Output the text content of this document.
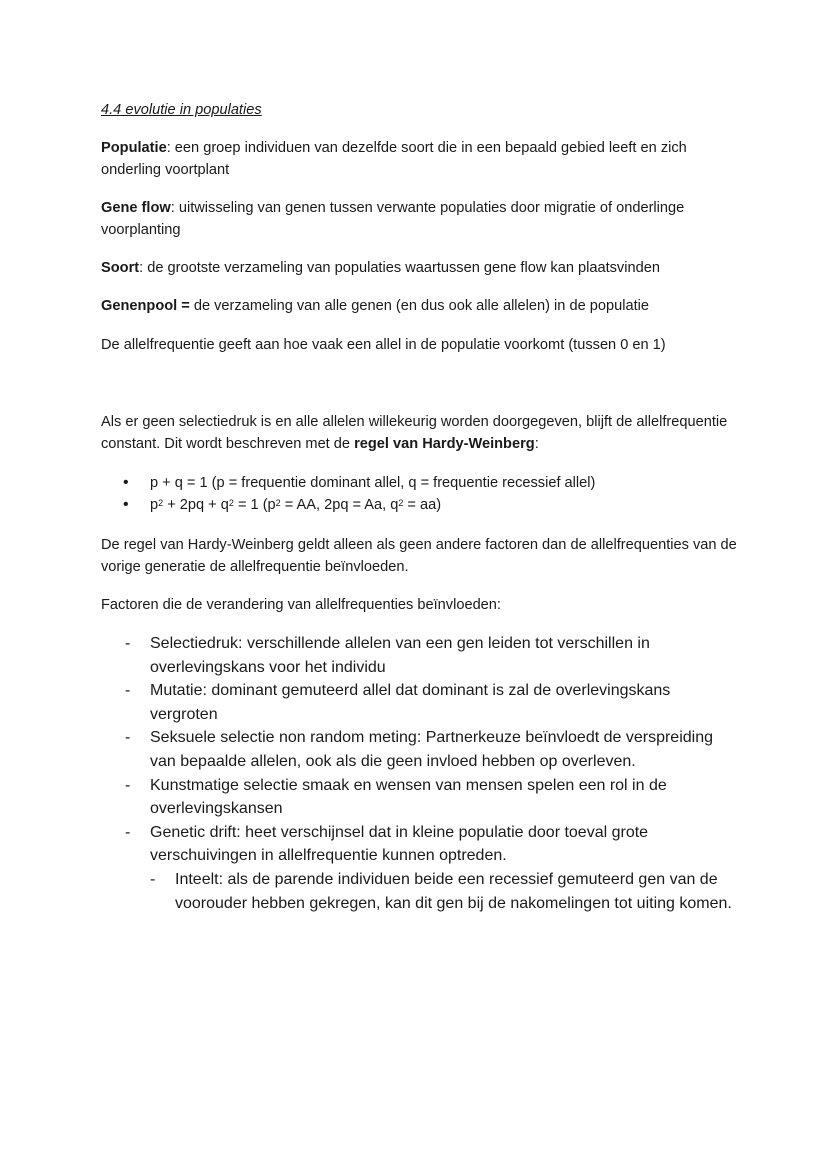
4.4 evolutie in populaties
Populatie: een groep individuen van dezelfde soort die in een bepaald gebied leeft en zich onderling voortplant
Gene flow: uitwisseling van genen tussen verwante populaties door migratie of onderlinge voorplanting
Soort: de grootste verzameling van populaties waartussen gene flow kan plaatsvinden
Genenpool = de verzameling van alle genen (en dus ook alle allelen) in de populatie
De allelfrequentie geeft aan hoe vaak een allel in de populatie voorkomt (tussen 0 en 1)
Als er geen selectiedruk is en alle allelen willekeurig worden doorgegeven, blijft de allelfrequentie constant. Dit wordt beschreven met de regel van Hardy-Weinberg:
• p + q = 1 (p = frequentie dominant allel, q = frequentie recessief allel)
• $p^2 + 2pq + q^2 = 1$ ($p^2$ = AA, 2pq = Aa, $q^2 = aa$)
De regel van Hardy-Weinberg geldt alleen als geen andere factoren dan de allelfrequenties van de vorige generatie de allelfrequentie beïnvloeden.
Factoren die de verandering van allelfrequenties beïnvloeden:
- Selectiedruk: verschillende allelen van een gen leiden tot verschillen in overlevingskans voor het individu
- Mutatie: dominant gemuteerd allel dat dominant is zal de overlevingskans vergroten
- Seksuele selectie non random meting: Partnerkeuze beïnvloedt de verspreiding van bepaalde allelen, ook als die geen invloed hebben op overleven.
- Kunstmatige selectie smaak en wensen van mensen spelen een rol in de overlevingskansen
- Genetic drift: heet verschijnsel dat in kleine populatie door toeval grote verschuivingen in allelfrequentie kunnen optreden.
- Inteelt: als de parende individuen beide een recessief gemuteerd gen van de voorouder hebben gekregen, kan dit gen bij de nakomelingen tot uiting komen.
